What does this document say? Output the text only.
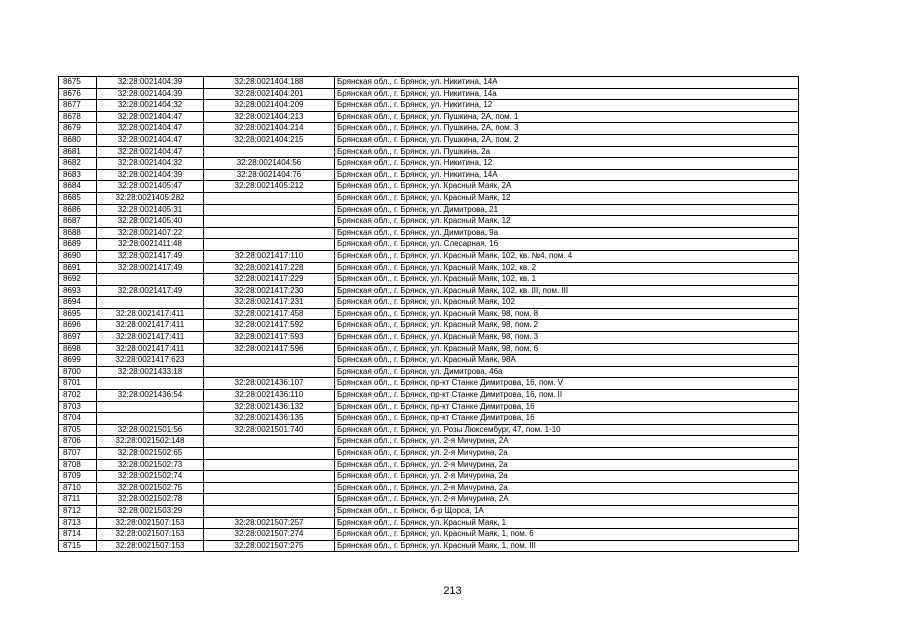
8675	32:28:0021404:39	32:28:0021404:188	Брянская обл., г. Брянск, ул. Никитина, 14А
8676	32:28:0021404:39	32:28:0021404:201	Брянская обл., г. Брянск, ул. Никитина, 14а
8677	32:28:0021404:32	32:28:0021404:209	Брянская обл., г. Брянск, ул. Никитина, 12
8678	32:28:0021404:47	32:28:0021404:213	Брянская обл., г. Брянск, ул. Пушкина, 2А, пом. 1
8679	32:28:0021404:47	32:28:0021404:214	Брянская обл., г. Брянск, ул. Пушкина, 2А, пом. 3
8680	32:28:0021404:47	32:28:0021404:215	Брянская обл., г. Брянск, ул. Пушкина, 2А, пом. 2
8681	32:28:0021404:47		Брянская обл., г. Брянск, ул. Пушкина, 2а
8682	32:28:0021404:32	32:28:0021404:56	Брянская обл., г. Брянск, ул. Никитина, 12
8683	32:28:0021404:39	32:28:0021404:76	Брянская обл., г. Брянск, ул. Никитина, 14А
8684	32:28:0021405:47	32:28:0021405:212	Брянская обл., г. Брянск, ул. Красный Маяк, 2А
8685	32:28:0021405:282		Брянская обл., г. Брянск, ул. Красный Маяк, 12
8686	32:28:0021405:31		Брянская обл., г. Брянск, ул. Димитрова, 21
8687	32:28:0021405:40		Брянская обл., г. Брянск, ул. Красный Маяк, 12
8688	32:28:0021407:22		Брянская обл., г. Брянск, ул. Димитрова, 9а
8689	32:28:0021411:48		Брянская обл., г. Брянск, ул. Слесарная, 16
8690	32:28:0021417:49	32:28:0021417:110	Брянская обл., г. Брянск, ул. Красный Маяк, 102, кв. №4, пом. 4
8691	32:28:0021417:49	32:28:0021417:228	Брянская обл., г. Брянск, ул. Красный Маяк, 102, кв. 2
8692		32:28:0021417:229	Брянская обл., г. Брянск, ул. Красный Маяк, 102, кв. 1
8693	32:28:0021417:49	32:28:0021417:230	Брянская обл., г. Брянск, ул. Красный Маяк, 102, кв. III, пом. III
8694		32:28:0021417:231	Брянская обл., г. Брянск, ул. Красный Маяк, 102
8695	32:28:0021417:411	32:28:0021417:458	Брянская обл., г. Брянск, ул. Красный Маяк, 98, пом. 8
8696	32:28:0021417:411	32:28:0021417:592	Брянская обл., г. Брянск, ул. Красный Маяк, 98, пом. 2
8697	32:28:0021417:411	32:28:0021417:593	Брянская обл., г. Брянск, ул. Красный Маяк, 98, пом. 3
8698	32:28:0021417:411	32:28:0021417:596	Брянская обл., г. Брянск, ул. Красный Маяк, 98, пом. 6
8699	32:28:0021417:623		Брянская обл., г. Брянск, ул. Красный Маяк, 98А
8700	32:28:0021433:18		Брянская обл., г. Брянск, ул. Димитрова, 46а
8701		32:28:0021436:107	Брянская обл., г. Брянск, пр-кт Станке Димитрова, 16, пом. V
8702	32:28:0021436:54	32:28:0021436:110	Брянская обл., г. Брянск, пр-кт Станке Димитрова, 16, пом. II
8703		32:28:0021436:132	Брянская обл., г. Брянск, пр-кт Станке Димитрова, 16
8704		32:28:0021436:135	Брянская обл., г. Брянск, пр-кт Станке Димитрова, 16
8705	32:28:0021501:56	32:28:0021501:740	Брянская обл., г. Брянск, ул. Розы Люксембург, 47, пом. 1-10
8706	32:28:0021502:148		Брянская обл., г. Брянск, ул. 2-я Мичурина, 2А
8707	32:28:0021502:65		Брянская обл., г. Брянск, ул. 2-я Мичурина, 2а
8708	32:28:0021502:73		Брянская обл., г. Брянск, ул. 2-я Мичурина, 2а
8709	32:28:0021502:74		Брянская обл., г. Брянск, ул. 2-я Мичурина, 2а
8710	32:28:0021502:75		Брянская обл., г. Брянск, ул. 2-я Мичурина, 2а
8711	32:28:0021502:78		Брянская обл., г. Брянск, ул. 2-я Мичурина, 2А
8712	32:28:0021503:29		Брянская обл., г. Брянск, б-р Щорса, 1А
8713	32:28:0021507:153	32:28:0021507:257	Брянская обл., г. Брянск, ул. Красный Маяк, 1
8714	32:28:0021507:153	32:28:0021507:274	Брянская обл., г. Брянск, ул. Красный Маяк, 1, пом. 6
8715	32:28:0021507:153	32:28:0021507:275	Брянская обл., г. Брянск, ул. Красный Маяк, 1, пом. III
213
